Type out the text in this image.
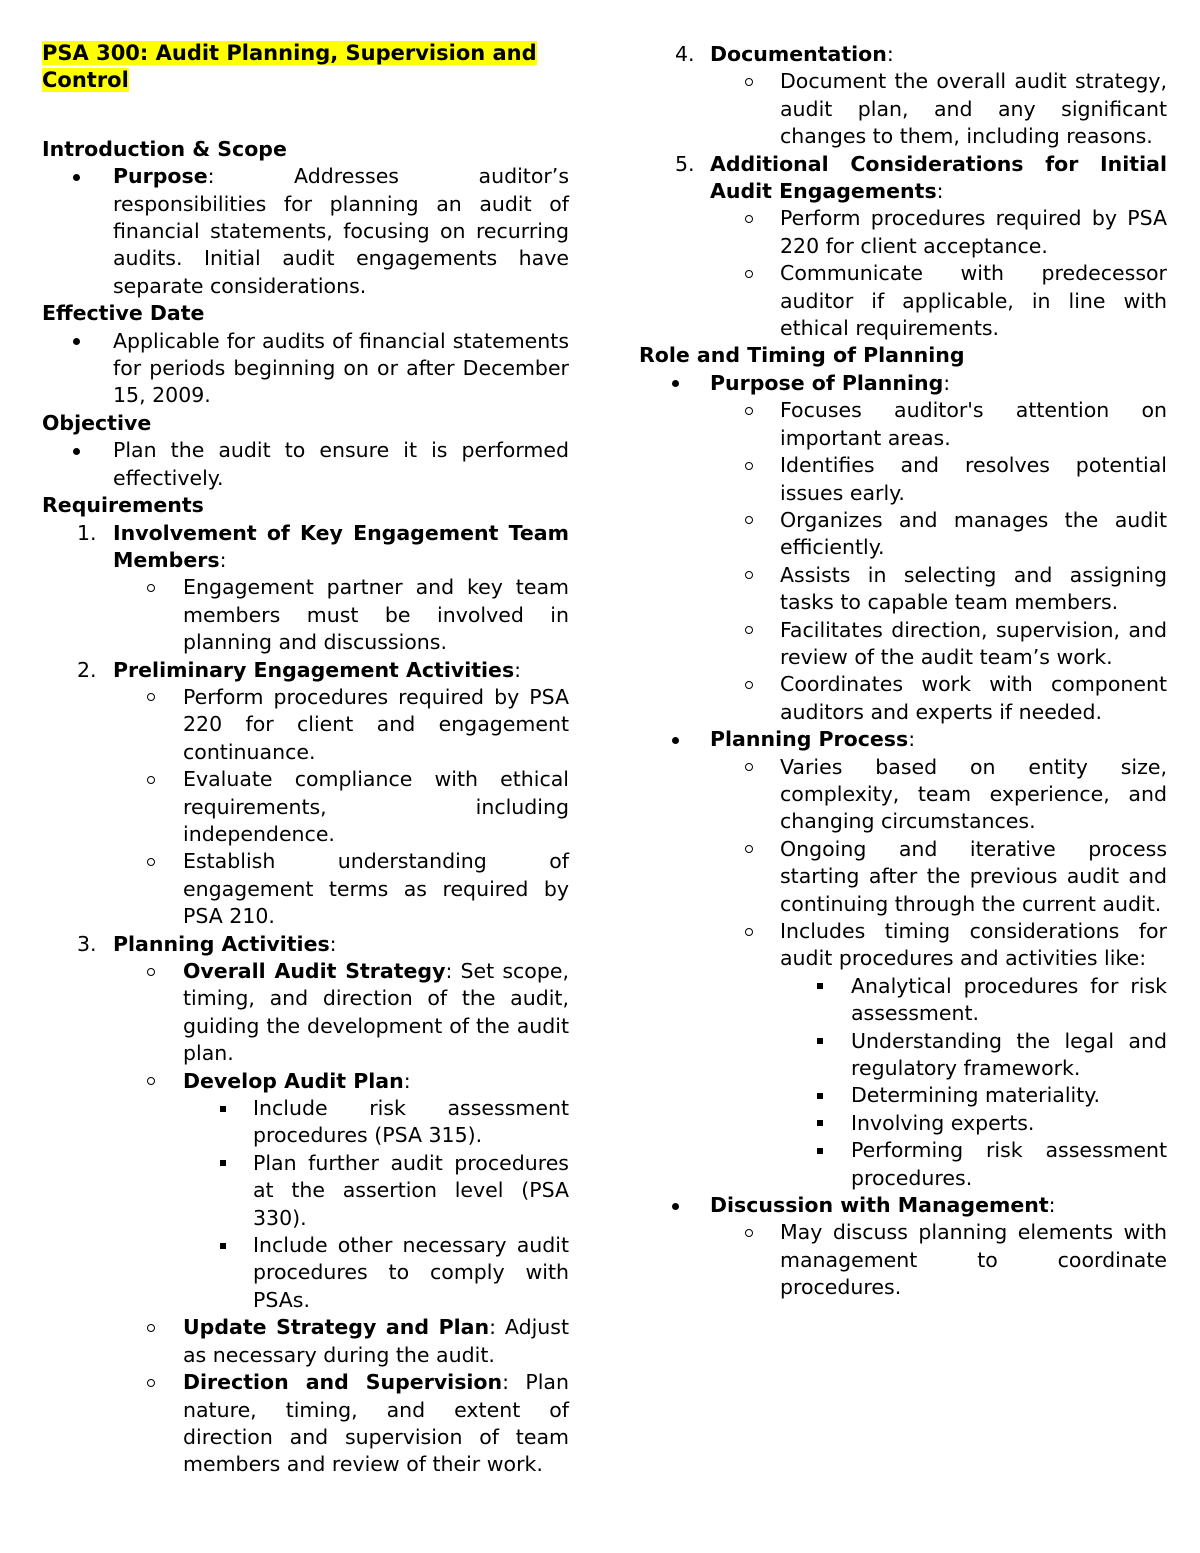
PSA 300: Audit Planning, Supervision and Control
Introduction & Scope
Purpose: Addresses auditor’s responsibilities for planning an audit of financial statements, focusing on recurring audits. Initial audit engagements have separate considerations.
Effective Date
Applicable for audits of financial statements for periods beginning on or after December 15, 2009.
Objective
Plan the audit to ensure it is performed effectively.
Requirements
1. Involvement of Key Engagement Team Members:
Engagement partner and key team members must be involved in planning and discussions.
2. Preliminary Engagement Activities:
Perform procedures required by PSA 220 for client and engagement continuance.
Evaluate compliance with ethical requirements, including independence.
Establish understanding of engagement terms as required by PSA 210.
3. Planning Activities:
Overall Audit Strategy: Set scope, timing, and direction of the audit, guiding the development of the audit plan.
Develop Audit Plan:
Include risk assessment procedures (PSA 315).
Plan further audit procedures at the assertion level (PSA 330).
Include other necessary audit procedures to comply with PSAs.
Update Strategy and Plan: Adjust as necessary during the audit.
Direction and Supervision: Plan nature, timing, and extent of direction and supervision of team members and review of their work.
4. Documentation:
Document the overall audit strategy, audit plan, and any significant changes to them, including reasons.
5. Additional Considerations for Initial Audit Engagements:
Perform procedures required by PSA 220 for client acceptance.
Communicate with predecessor auditor if applicable, in line with ethical requirements.
Role and Timing of Planning
Purpose of Planning:
Focuses auditor's attention on important areas.
Identifies and resolves potential issues early.
Organizes and manages the audit efficiently.
Assists in selecting and assigning tasks to capable team members.
Facilitates direction, supervision, and review of the audit team’s work.
Coordinates work with component auditors and experts if needed.
Planning Process:
Varies based on entity size, complexity, team experience, and changing circumstances.
Ongoing and iterative process starting after the previous audit and continuing through the current audit.
Includes timing considerations for audit procedures and activities like:
Analytical procedures for risk assessment.
Understanding the legal and regulatory framework.
Determining materiality.
Involving experts.
Performing risk assessment procedures.
Discussion with Management:
May discuss planning elements with management to coordinate procedures.
